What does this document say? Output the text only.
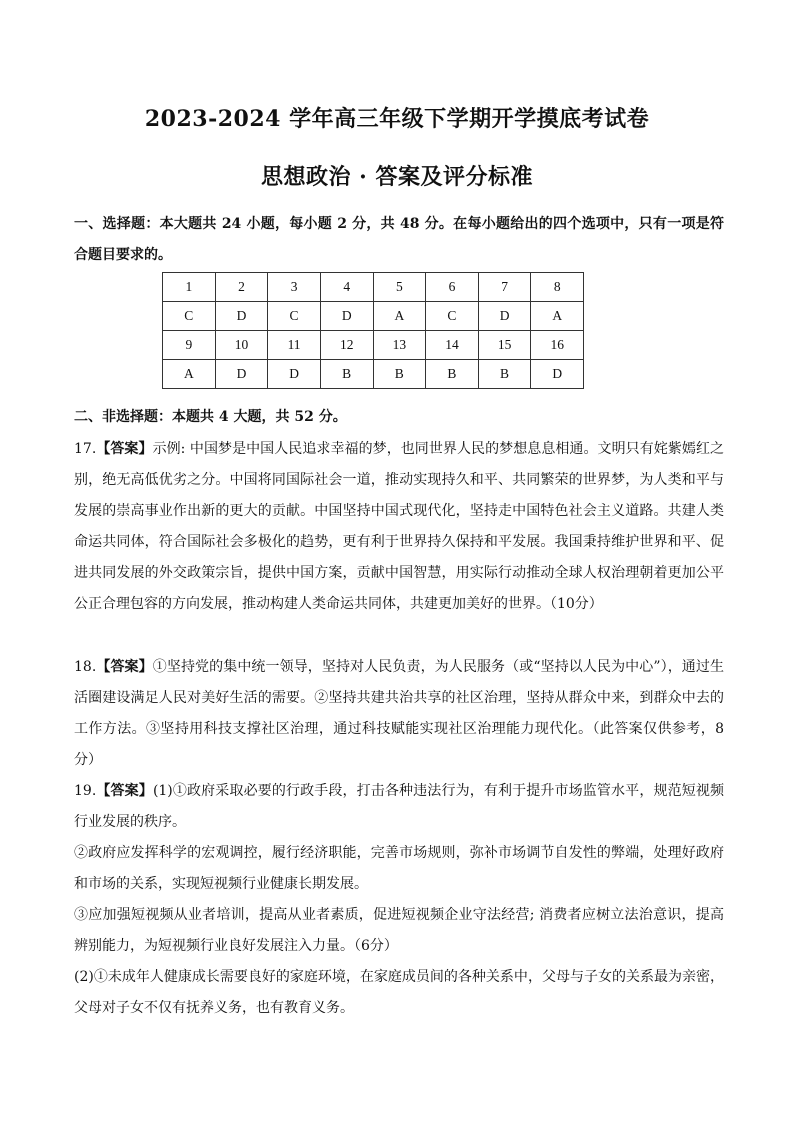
2023-2024 学年高三年级下学期开学摸底考试卷
思想政治 · 答案及评分标准

一、选择题：本大题共 24 小题，每小题 2 分，共 48 分。在每小题给出的四个选项中，只有一项是符合题目要求的。

1	2	3	4	5	6	7	8
C	D	C	D	A	C	D	A
9	10	11	12	13	14	15	16
A	D	D	B	B	B	B	D

二、非选择题：本题共 4 大题，共 52 分。

17.【答案】示例: 中国梦是中国人民追求幸福的梦，也同世界人民的梦想息息相通。文明只有姹紫嫣红之别，绝无高低优劣之分。中国将同国际社会一道，推动实现持久和平、共同繁荣的世界梦，为人类和平与发展的崇高事业作出新的更大的贡献。中国坚持中国式现代化，坚持走中国特色社会主义道路。共建人类命运共同体，符合国际社会多极化的趋势，更有利于世界持久保持和平发展。我国秉持维护世界和平、促进共同发展的外交政策宗旨，提供中国方案，贡献中国智慧，用实际行动推动全球人权治理朝着更加公平公正合理包容的方向发展，推动构建人类命运共同体，共建更加美好的世界。（10分）

18.【答案】①坚持党的集中统一领导，坚持对人民负责，为人民服务（或“坚持以人民为中心”），通过生活圈建设满足人民对美好生活的需要。②坚持共建共治共享的社区治理，坚持从群众中来，到群众中去的工作方法。③坚持用科技支撑社区治理，通过科技赋能实现社区治理能力现代化。（此答案仅供参考，8分）

19.【答案】(1)①政府采取必要的行政手段，打击各种违法行为，有利于提升市场监管水平，规范短视频行业发展的秩序。

②政府应发挥科学的宏观调控，履行经济职能，完善市场规则，弥补市场调节自发性的弊端，处理好政府和市场的关系，实现短视频行业健康长期发展。

③应加强短视频从业者培训，提高从业者素质，促进短视频企业守法经营; 消费者应树立法治意识，提高辨别能力，为短视频行业良好发展注入力量。（6分）

(2)①未成年人健康成长需要良好的家庭环境，在家庭成员间的各种关系中，父母与子女的关系最为亲密，父母对子女不仅有抚养义务，也有教育义务。
